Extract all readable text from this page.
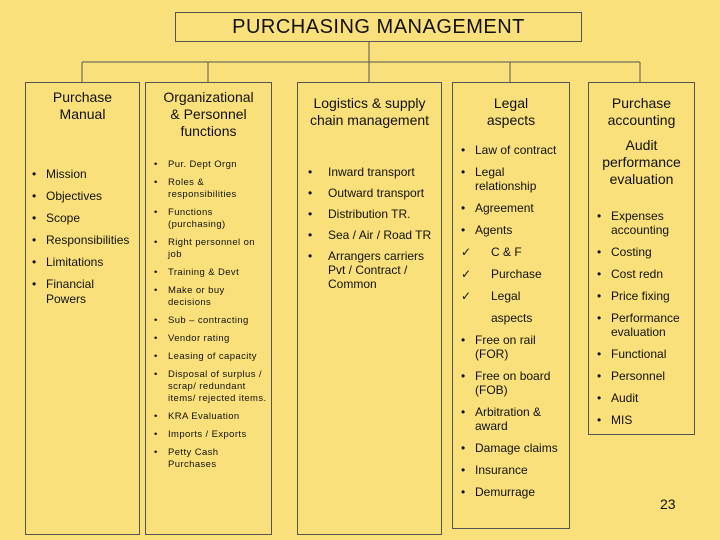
PURCHASING MANAGEMENT
Purchase
Manual
• Mission
• Objectives
• Scope
• Responsibilities
• Limitations
• Financial Powers
Organizational
& Personnel
functions
• Pur. Dept Orgn
• Roles & responsibilities
• Functions (purchasing)
• Right personnel on job
• Training & Devt
• Make or buy decisions
• Sub – contracting
• Vendor rating
• Leasing of capacity
• Disposal of surplus / scrap/ redundant items/ rejected items.
• KRA Evaluation
• Imports / Exports
• Petty Cash Purchases
Logistics & supply
chain management
• Inward transport
• Outward transport
• Distribution TR.
• Sea / Air / Road TR
• Arrangers carriers Pvt / Contract / Common
Legal
aspects
• Law of contract
• Legal relationship
• Agreement
• Agents
✓ C & F
✓ Purchase
✓ Legal
aspects
• Free on rail (FOR)
• Free on board (FOB)
• Arbitration & award
• Damage claims
• Insurance
• Demurrage
Purchase
accounting
Audit
performance
evaluation
• Expenses accounting
• Costing
• Cost redn
• Price fixing
• Performance evaluation
• Functional
• Personnel
• Audit
• MIS
23
